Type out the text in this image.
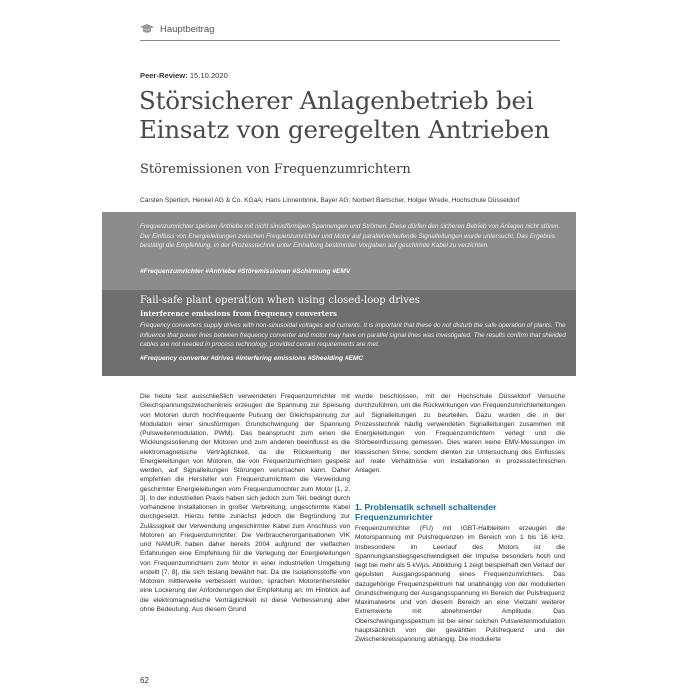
Hauptbeitrag
Peer-Review: 15.10.2020
Störsicherer Anlagenbetrieb bei Einsatz von geregelten Antrieben
Störemissionen von Frequenzumrichtern
Carsten Sperlich, Henkel AG & Co. KGaA; Hans Linnenbrink, Bayer AG; Norbert Bartscher, Holger Wrede, Hochschule Düsseldorf
Frequenzumrichter speisen Antriebe mit nicht sinusförmigen Spannungen und Strömen. Diese dürfen den sicheren Betrieb von Anlagen nicht stören. Der Einfluss von Energieleitungen zwischen Frequenzumrichter und Motor auf parallelverlaufende Signalleitungen wurde untersucht. Das Ergebnis bestätigt die Empfehlung, in der Prozesstechnik unter Einhaltung bestimmter Vorgaben auf geschirmte Kabel zu verzichten.
#Frequenzumrichter #Antriebe #Störemissionen #Schirmung #EMV
Fail-safe plant operation when using closed-loop drives
Interference emissions from frequency converters
Frequency converters supply drives with non-sinusoidal voltages and currents. It is important that these do not disturb the safe operation of plants. The influence that power lines between frequency converter and motor may have on parallel signal lines was investigated. The results confirm that shielded cables are not needed in process technology, provided certain requirements are met.
#Frequency converter #drives #interfering emissions #Sheelding #EMC

Die heute fast ausschließlich verwendeten Frequenzumrichter mit Gleichspannungszwischenkreis erzeugen die Spannung zur Speisung von Motoren durch hochfrequente Pulsung der Gleichspannung zur Modulation einer sinusförmigen Grundschwingung der Spannung (Pulsweitenmodulation, PWM). Das beansprucht zum einen die Wicklungsisolierung der Motoren und zum anderen beeinflusst es die elektromagnetische Verträglichkeit, da die Rückwirkung der Energieleitungen von Motoren, die von Frequenzumrichtern gespeist werden, auf Signalleitungen Störungen verursachen kann. Daher empfehlen die Hersteller von Frequenzumrichtern die Verwendung geschirmter Energieleitungen vom Frequenzumrichter zum Motor [1, 2, 3]. In der industriellen Praxis haben sich jedoch zum Teil, bedingt durch vorhandene Installationen in großer Verbreitung, ungeschirmte Kabel durchgesetzt. Hierzu fehlte zunächst jedoch die Begründung zur Zulässigkeit der Verwendung ungeschirmter Kabel zum Anschluss von Motoren an Frequenzumrichter. Die Verbraucherorganisationen VIK und NAMUR haben daher bereits 2004 aufgrund der vielfachen Erfahrungen eine Empfehlung für die Verlegung der Energieleitungen von Frequenzumrichtern zum Motor in einer industriellen Umgebung erstellt [7, 8], die sich bislang bewährt hat. Da die Isolationsstoffe von Motoren mittlerweile verbessert wurden, sprachen Motorenhersteller eine Lockerung der Anforderungen der Empfehlung an. Im Hinblick auf die elektromagnetische Verträglichkeit ist diese Verbesserung aber ohne Bedeutung. Aus diesem Grund

wurde beschlossen, mit der Hochschule Düsseldorf Versuche durchzuführen, um die Rückwirkungen von Frequenzumrichterleitungen auf Signalleitungen zu beurteilen. Dazu wurden die in der Prozesstechnik häufig verwendeten Signalleitungen zusammen mit Energieleitungen von Frequenzumrichtern verlegt und die Störbeeinflussung gemessen. Dies waren keine EMV-Messungen im klassischen Sinne, sondern dienten zur Untersuchung des Einflusses auf reale Verhältnisse von Installationen in prozesstechnischen Anlagen.

1. Problematik schnell schaltender Frequenzumrichter

Frequenzumrichter (FU) mit IGBT-Halbleitern erzeugen die Motorspannung mit Pulsfrequenzen im Bereich von 1 bis 16 kHz. Insbesondere im Leerlauf des Motors ist die Spannungsanstiegsgeschwindigkeit der Impulse besonders hoch und liegt bei mehr als 5 kV/µs. Abbildung 1 zeigt beispielhaft den Verlauf der gepulsten Ausgangsspannung eines Frequenzumrichters. Das dazugehörige Frequenzspektrum hat unabhängig von der modulierten Grundschwingung der Ausgangsspannung im Bereich der Pulsfrequenz Maximalwerte und von diesem Bereich an eine Vielzahl weiterer Extremwerte mit abnehmender Amplitude. Das Oberschwingungsspektrum ist bei einer solchen Pulsweitenmodulation hauptsächlich von der gewählten Pulsfrequenz und der Zwischenkreisspannung abhängig. Die modulierte

62
